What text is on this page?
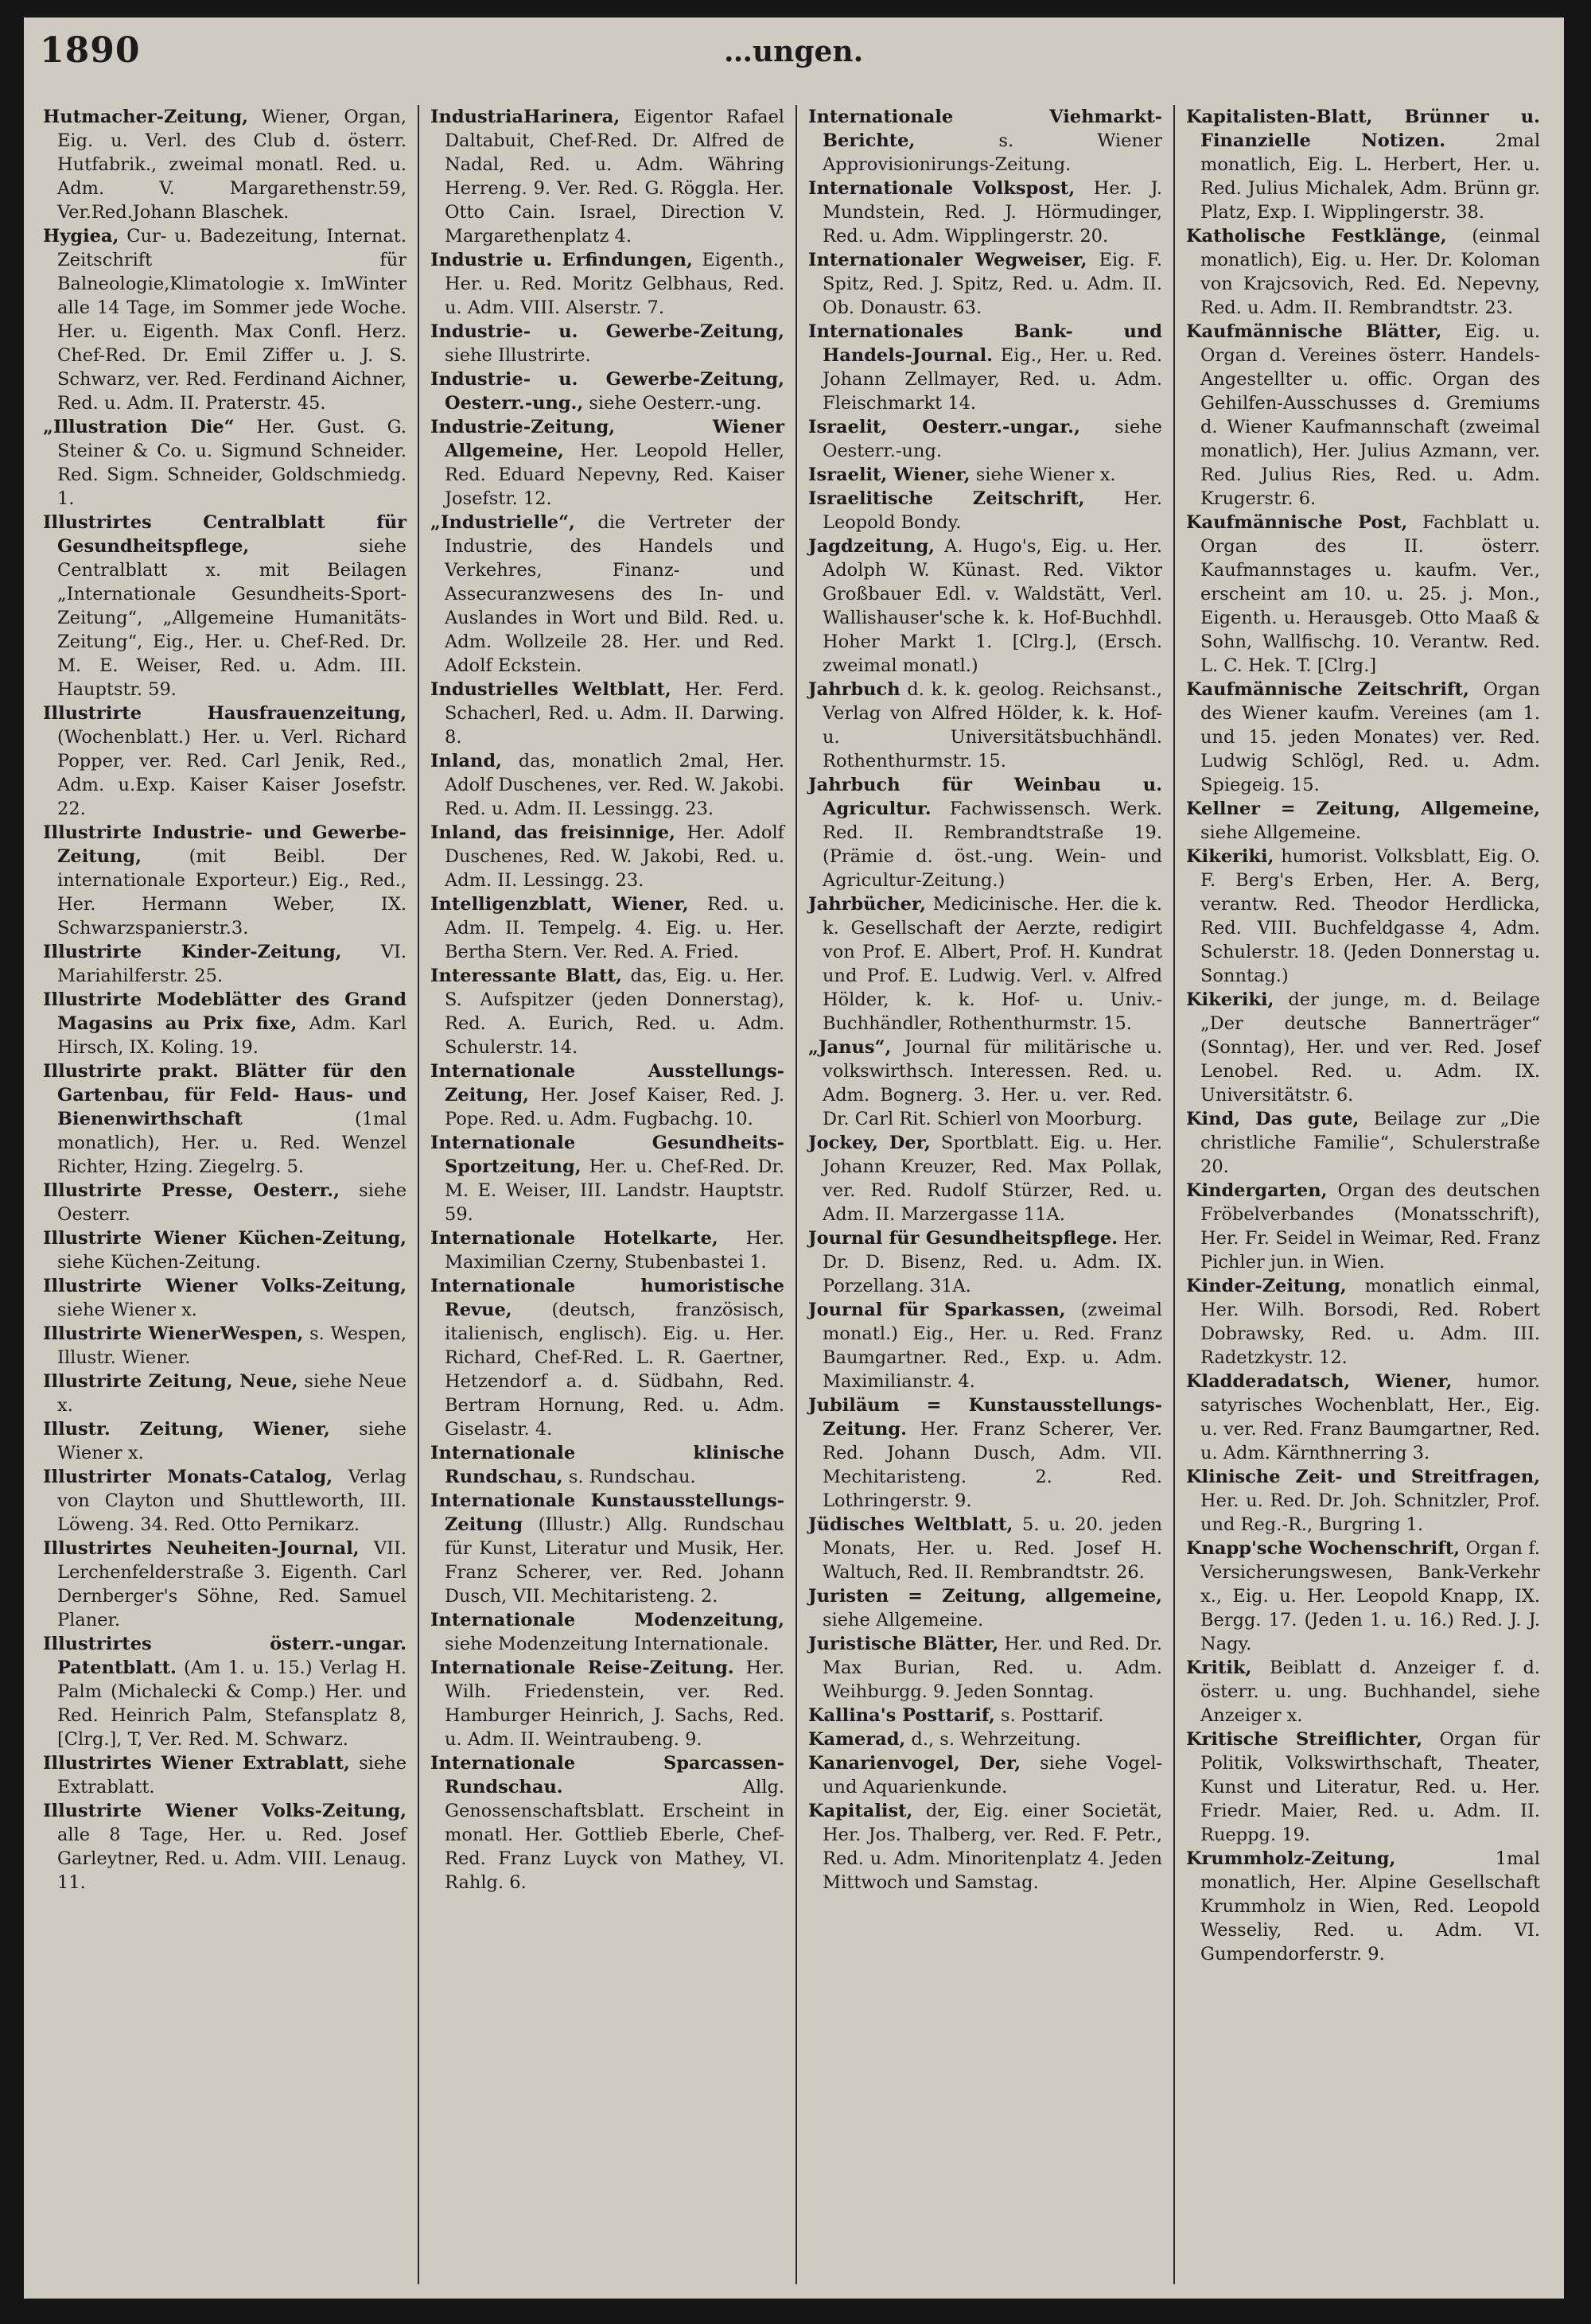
1890	…ungen.

Hutmacher-Zeitung, Wiener, Organ, Eig. u. Verl. des Club d. österr. Hutfabrik., zweimal monatl. Red. u. Adm. V. Margarethenstr.59, Ver.Red.Johann Blaschek.

Hygiea, Cur- u. Badezeitung, Internat. Zeitschrift für Balneologie,Klimatologie x. ImWinter alle 14 Tage, im Sommer jede Woche. Her. u. Eigenth. Max Confl. Herz. Chef-Red. Dr. Emil Ziffer u. J. S. Schwarz, ver. Red. Ferdinand Aichner, Red. u. Adm. II. Praterstr. 45.

„Illustration Die“ Her. Gust. G. Steiner & Co. u. Sigmund Schneider. Red. Sigm. Schneider, Goldschmiedg. 1.

Illustrirtes Centralblatt für Gesundheitspflege,	siehe Centralblatt x. mit Beilagen „Internationale Gesundheits-Sport-Zeitung“, „Allgemeine Humanitäts-Zeitung“, Eig., Her. u. Chef-Red. Dr. M. E. Weiser, Red. u. Adm. III. Hauptstr. 59.

Illustrirte Hausfrauenzeitung, (Wochenblatt.) Her. u. Verl. Richard Popper, ver. Red. Carl Jenik, Red., Adm. u.Exp. Kaiser Kaiser Josefstr. 22.

Illustrirte Industrie- und Gewerbe-Zeitung,	(mit Beibl. Der internationale Exporteur.) Eig., Red., Her. Hermann Weber, IX. Schwarzspanierstr.3.

Illustrirte Kinder-Zeitung, VI. Mariahilferstr. 25.

Illustrirte Modeblätter des Grand Magasins au Prix fixe, Adm. Karl Hirsch, IX. Koling. 19.

Illustrirte prakt. Blätter für den Gartenbau, für Feld- Haus- und Bienenwirthschaft	(1mal monatlich), Her. u. Red. Wenzel Richter, Hzing. Ziegelrg. 5.

Illustrirte Presse, Oesterr., siehe Oesterr.

Illustrirte Wiener Küchen-Zeitung, siehe Küchen-Zeitung.

Illustrirte Wiener Volks-Zeitung, siehe Wiener x.

Illustrirte WienerWespen, s. Wespen, Illustr. Wiener.

Illustrirte Zeitung, Neue, siehe Neue x.

Illustr. Zeitung, Wiener, siehe Wiener x.

Illustrirter Monats-Catalog, Verlag von Clayton und Shuttleworth, III. Löweng. 34. Red. Otto Pernikarz.

Illustrirtes Neuheiten-Journal, VII. Lerchenfelderstraße 3. Eigenth. Carl Dernberger's Söhne, Red. Samuel Planer.

Illustrirtes österr.-ungar. Patentblatt. (Am 1. u. 15.) Verlag H. Palm (Michalecki & Comp.) Her. und Red. Heinrich Palm, Stefansplatz 8, [Clrg.], T, Ver. Red. M. Schwarz.

Illustrirtes Wiener Extrablatt, siehe Extrablatt.

Illustrirte Wiener Volks-Zeitung, alle 8 Tage, Her. u. Red. Josef Garleytner, Red. u. Adm. VIII. Lenaug. 11.

IndustriaHarinera, Eigentor Rafael Daltabuit, Chef-Red. Dr. Alfred de Nadal, Red. u. Adm. Währing Herreng. 9. Ver. Red. G. Röggla. Her. Otto Cain. Israel, Direction V. Margarethenplatz 4.

Industrie u. Erfindungen, Eigenth., Her. u. Red. Moritz Gelbhaus, Red. u. Adm. VIII. Alserstr. 7.

Industrie- u. Gewerbe-Zeitung, siehe Illustrirte.

Industrie- u. Gewerbe-Zeitung, Oesterr.-ung., siehe Oesterr.-ung.

Industrie-Zeitung, Wiener Allgemeine, Her. Leopold Heller, Red. Eduard Nepevny, Red. Kaiser Josefstr. 12.

„Industrielle“, die Vertreter der Industrie, des Handels und Verkehres, Finanz- und Assecuranzwesens des In- und Auslandes in Wort und Bild. Red. u. Adm. Wollzeile 28. Her. und Red. Adolf Eckstein.

Industrielles Weltblatt, Her. Ferd. Schacherl, Red. u. Adm. II. Darwing. 8.

Inland, das, monatlich 2mal, Her. Adolf Duschenes, ver. Red. W. Jakobi. Red. u. Adm. II. Lessingg. 23.

Inland, das freisinnige, Her. Adolf Duschenes, Red. W. Jakobi, Red. u. Adm. II. Lessingg. 23.

Intelligenzblatt, Wiener, Red. u. Adm. II. Tempelg. 4. Eig. u. Her. Bertha Stern. Ver. Red. A. Fried.

Interessante Blatt, das, Eig. u. Her. S. Aufspitzer (jeden Donnerstag), Red. A. Eurich, Red. u. Adm. Schulerstr. 14.

Internationale Ausstellungs-Zeitung, Her. Josef Kaiser, Red. J. Pope. Red. u. Adm. Fugbachg. 10.

Internationale Gesundheits-Sportzeitung, Her. u. Chef-Red. Dr. M. E. Weiser, III. Landstr. Hauptstr. 59.

Internationale Hotelkarte, Her. Maximilian Czerny, Stubenbastei 1.

Internationale humoristische Revue, (deutsch, französisch, italienisch, englisch). Eig. u. Her. Richard, Chef-Red. L. R. Gaertner, Hetzendorf a. d. Südbahn, Red. Bertram Hornung, Red. u. Adm. Giselastr. 4.

Internationale klinische Rundschau, s. Rundschau.

Internationale Kunstausstellungs-Zeitung (Illustr.) Allg. Rundschau für Kunst, Literatur und Musik, Her. Franz Scherer, ver. Red. Johann Dusch, VII. Mechitaristeng. 2.

Internationale Modenzeitung, siehe Modenzeitung Internationale.

Internationale Reise-Zeitung. Her. Wilh. Friedenstein, ver. Red. Hamburger Heinrich, J. Sachs, Red. u. Adm. II. Weintraubeng. 9.

Internationale Sparcassen-Rundschau.	Allg. Genossenschaftsblatt. Erscheint in monatl. Her. Gottlieb Eberle, Chef-Red. Franz Luyck von Mathey, VI. Rahlg. 6.

Internationale Viehmarkt-Berichte,	s. Wiener Approvisionirungs-Zeitung.

Internationale Volkspost, Her. J. Mundstein, Red. J. Hörmudinger, Red. u. Adm. Wipplingerstr. 20.

Internationaler Wegweiser, Eig. F. Spitz, Red. J. Spitz, Red. u. Adm. II. Ob. Donaustr. 63.

Internationales Bank- und Handels-Journal. Eig., Her. u. Red. Johann Zellmayer, Red. u. Adm. Fleischmarkt 14.

Israelit, Oesterr.-ungar., siehe Oesterr.-ung.

Israelit, Wiener, siehe Wiener x.

Israelitische Zeitschrift, Her. Leopold Bondy.

Jagdzeitung, A. Hugo's, Eig. u. Her. Adolph W. Künast. Red. Viktor Großbauer Edl. v. Waldstätt, Verl. Wallishauser'sche k. k. Hof-Buchhdl. Hoher Markt 1. [Clrg.], (Ersch. zweimal monatl.)

Jahrbuch d. k. k. geolog. Reichsanst., Verlag von Alfred Hölder, k. k. Hof- u. Universitätsbuchhändl. Rothenthurmstr. 15.

Jahrbuch für Weinbau u. Agricultur. Fachwissensch. Werk. Red. II. Rembrandtstraße 19. (Prämie d. öst.-ung. Wein- und Agricultur-Zeitung.)

Jahrbücher, Medicinische. Her. die k. k. Gesellschaft der Aerzte, redigirt von Prof. E. Albert, Prof. H. Kundrat und Prof. E. Ludwig. Verl. v. Alfred Hölder, k. k. Hof- u. Univ.-Buchhändler, Rothenthurmstr. 15.

„Janus“, Journal für militärische u. volkswirthsch. Interessen. Red. u. Adm. Bognerg. 3. Her. u. ver. Red. Dr. Carl Rit. Schierl von Moorburg.

Jockey, Der, Sportblatt. Eig. u. Her. Johann Kreuzer, Red. Max Pollak, ver. Red. Rudolf Stürzer, Red. u. Adm. II. Marzergasse 11A.

Journal für Gesundheitspflege. Her. Dr. D. Bisenz, Red. u. Adm. IX. Porzellang. 31A.

Journal für Sparkassen, (zweimal monatl.) Eig., Her. u. Red. Franz Baumgartner. Red., Exp. u. Adm. Maximilianstr. 4.

Jubiläum = Kunstausstellungs-Zeitung. Her. Franz Scherer, Ver. Red. Johann Dusch, Adm. VII. Mechitaristeng. 2. Red. Lothringerstr. 9.

Jüdisches Weltblatt, 5. u. 20. jeden Monats, Her. u. Red. Josef H. Waltuch, Red. II. Rembrandtstr. 26.

Juristen = Zeitung, allgemeine, siehe Allgemeine.

Juristische Blätter, Her. und Red. Dr. Max Burian, Red. u. Adm. Weihburgg. 9. Jeden Sonntag.

Kallina's Posttarif, s. Posttarif.

Kamerad, d., s. Wehrzeitung.

Kanarienvogel, Der, siehe Vogel- und Aquarienkunde.

Kapitalist, der, Eig. einer Societät, Her. Jos. Thalberg, ver. Red. F. Petr., Red. u. Adm. Minoritenplatz 4. Jeden Mittwoch und Samstag.

Kapitalisten-Blatt, Brünner u. Finanzielle Notizen.	2mal monatlich, Eig. L. Herbert, Her. u. Red. Julius Michalek, Adm. Brünn gr. Platz, Exp. I. Wipplingerstr. 38.

Katholische Festklänge, (einmal monatlich), Eig. u. Her. Dr. Koloman von Krajcsovich, Red. Ed. Nepevny, Red. u. Adm. II. Rembrandtstr. 23.

Kaufmännische Blätter, Eig. u. Organ d. Vereines österr. Handels-Angestellter u. offic. Organ des Gehilfen-Ausschusses d. Gremiums d. Wiener Kaufmannschaft (zweimal monatlich), Her. Julius Azmann, ver. Red. Julius Ries, Red. u. Adm. Krugerstr. 6.

Kaufmännische Post, Fachblatt u. Organ des II. österr. Kaufmannstages u. kaufm. Ver., erscheint am 10. u. 25. j. Mon., Eigenth. u. Herausgeb. Otto Maaß & Sohn, Wallfischg. 10. Verantw. Red. L. C. Hek. T. [Clrg.]

Kaufmännische Zeitschrift, Organ des Wiener kaufm. Vereines (am 1. und 15. jeden Monates) ver. Red. Ludwig Schlögl, Red. u. Adm. Spiegeig. 15.

Kellner = Zeitung, Allgemeine, siehe Allgemeine.

Kikeriki, humorist. Volksblatt, Eig. O. F. Berg's Erben, Her. A. Berg, verantw. Red. Theodor Herdlicka, Red. VIII. Buchfeldgasse 4, Adm. Schulerstr. 18. (Jeden Donnerstag u. Sonntag.)

Kikeriki, der junge, m. d. Beilage „Der deutsche Bannerträger“ (Sonntag), Her. und ver. Red. Josef Lenobel. Red. u. Adm. IX. Universitätstr. 6.

Kind, Das gute, Beilage zur „Die christliche Familie“, Schulerstraße 20.

Kindergarten, Organ des deutschen Fröbelverbandes (Monatsschrift), Her. Fr. Seidel in Weimar, Red. Franz Pichler jun. in Wien.

Kinder-Zeitung, monatlich einmal, Her. Wilh. Borsodi, Red. Robert Dobrawsky, Red. u. Adm. III. Radetzkystr. 12.

Kladderadatsch, Wiener, humor. satyrisches Wochenblatt, Her., Eig. u. ver. Red. Franz Baumgartner, Red. u. Adm. Kärnthnerring 3.

Klinische Zeit- und Streitfragen, Her. u. Red. Dr. Joh. Schnitzler, Prof. und Reg.-R., Burgring 1.

Knapp'sche Wochenschrift, Organ f. Versicherungswesen, Bank-Verkehr x., Eig. u. Her. Leopold Knapp, IX. Bergg. 17. (Jeden 1. u. 16.) Red. J. J. Nagy.

Kritik, Beiblatt d. Anzeiger f. d. österr. u. ung. Buchhandel, siehe Anzeiger x.

Kritische Streiflichter, Organ für Politik, Volkswirthschaft, Theater, Kunst und Literatur, Red. u. Her. Friedr. Maier, Red. u. Adm. II. Rueppg. 19.

Krummholz-Zeitung,	1mal monatlich, Her. Alpine Gesellschaft Krummholz in Wien, Red. Leopold Wesseliy, Red. u. Adm. VI. Gumpendorferstr. 9.
